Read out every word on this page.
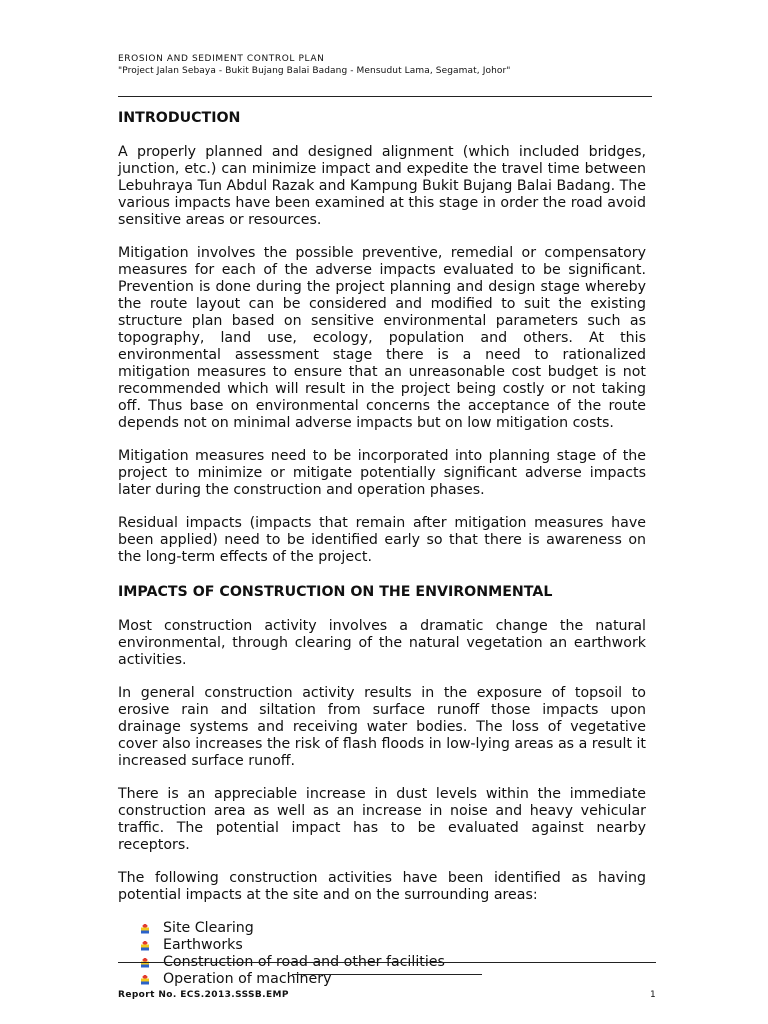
EROSION AND SEDIMENT CONTROL PLAN
"Project Jalan Sebaya - Bukit Bujang Balai Badang - Mensudut Lama, Segamat, Johor"
INTRODUCTION

A properly planned and designed alignment (which included bridges, junction, etc.) can minimize impact and expedite the travel time between Lebuhraya Tun Abdul Razak and Kampung Bukit Bujang Balai Badang. The various impacts have been examined at this stage in order the road avoid sensitive areas or resources.

Mitigation involves the possible preventive, remedial or compensatory measures for each of the adverse impacts evaluated to be significant. Prevention is done during the project planning and design stage whereby the route layout can be considered and modified to suit the existing structure plan based on sensitive environmental parameters such as topography, land use, ecology, population and others. At this environmental assessment stage there is a need to rationalized mitigation measures to ensure that an unreasonable cost budget is not recommended which will result in the project being costly or not taking off. Thus base on environmental concerns the acceptance of the route depends not on minimal adverse impacts but on low mitigation costs.

Mitigation measures need to be incorporated into planning stage of the project to minimize or mitigate potentially significant adverse impacts later during the construction and operation phases.

Residual impacts (impacts that remain after mitigation measures have been applied) need to be identified early so that there is awareness on the long-term effects of the project.

IMPACTS OF CONSTRUCTION ON THE ENVIRONMENTAL

Most construction activity involves a dramatic change the natural environmental, through clearing of the natural vegetation an earthwork activities.

In general construction activity results in the exposure of topsoil to erosive rain and siltation from surface runoff those impacts upon drainage systems and receiving water bodies. The loss of vegetative cover also increases the risk of flash floods in low-lying areas as a result it increased surface runoff.

There is an appreciable increase in dust levels within the immediate construction area as well as an increase in noise and heavy vehicular traffic. The potential impact has to be evaluated against nearby receptors.

The following construction activities have been identified as having potential impacts at the site and on the surrounding areas:

Site Clearing
Earthworks
Construction of road and other facilities
Operation of machinery
Report No. ECS.2013.SSSB.EMP	1
